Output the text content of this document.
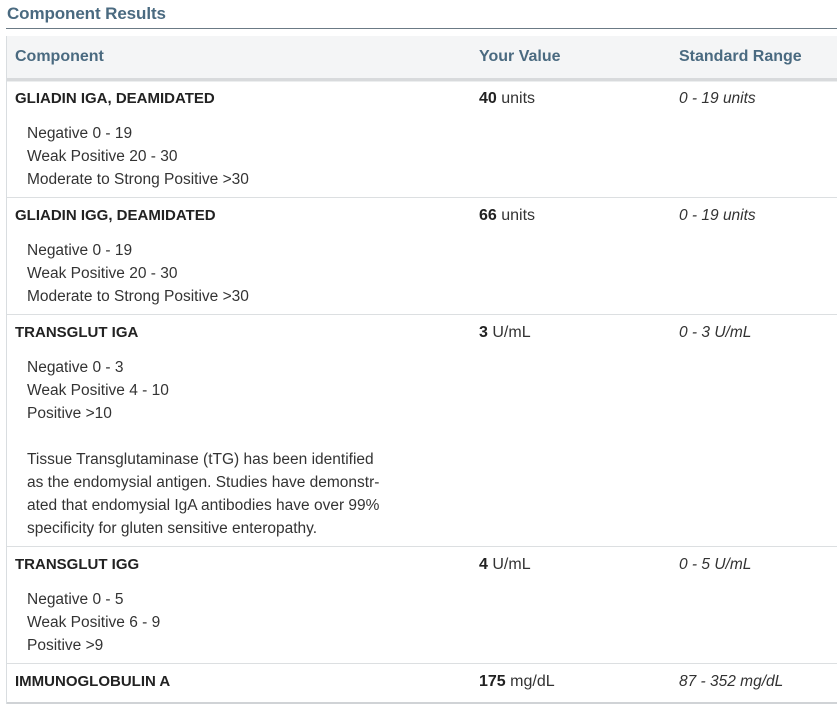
Component Results
Component	Your Value	Standard Range
GLIADIN IGA, DEAMIDATED	40 units	0 - 19 units
Negative 0 - 19
Weak Positive 20 - 30
Moderate to Strong Positive >30
GLIADIN IGG, DEAMIDATED	66 units	0 - 19 units
Negative 0 - 19
Weak Positive 20 - 30
Moderate to Strong Positive >30
TRANSGLUT IGA	3 U/mL	0 - 3 U/mL
Negative 0 - 3
Weak Positive 4 - 10
Positive >10
Tissue Transglutaminase (tTG) has been identified
as the endomysial antigen. Studies have demonstr-
ated that endomysial IgA antibodies have over 99%
specificity for gluten sensitive enteropathy.
TRANSGLUT IGG	4 U/mL	0 - 5 U/mL
Negative 0 - 5
Weak Positive 6 - 9
Positive >9
IMMUNOGLOBULIN A	175 mg/dL	87 - 352 mg/dL
